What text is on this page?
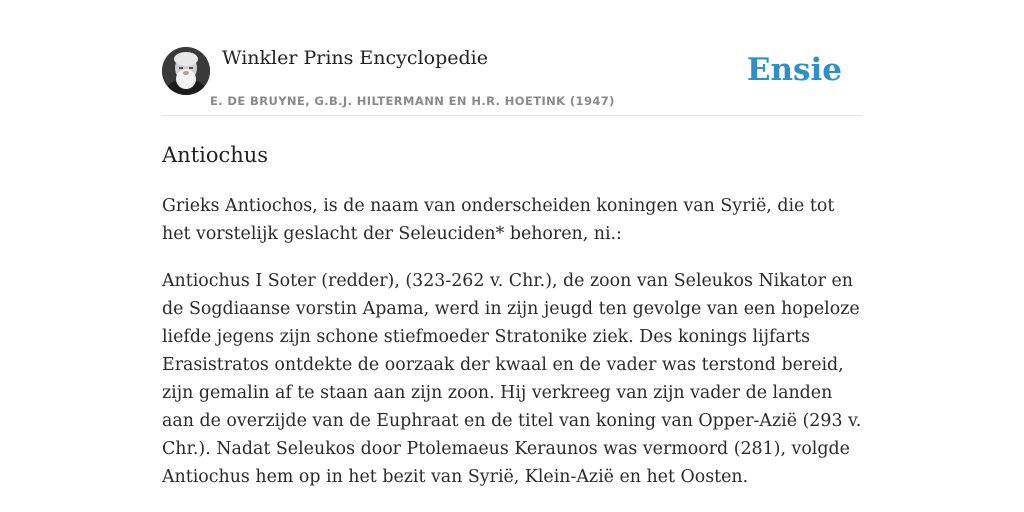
Winkler Prins Encyclopedie
E. DE BRUYNE, G.B.J. HILTERMANN EN H.R. HOETINK (1947)
Ensie
Antiochus

Grieks Antiochos, is de naam van onderscheiden koningen van Syrië, die tot het vorstelijk geslacht der Seleuciden* behoren, ni.:

Antiochus I Soter (redder), (323-262 v. Chr.), de zoon van Seleukos Nikator en de Sogdiaanse vorstin Apama, werd in zijn jeugd ten gevolge van een hopeloze liefde jegens zijn schone stiefmoeder Stratonike ziek. Des konings lijfarts Erasistratos ontdekte de oorzaak der kwaal en de vader was terstond bereid, zijn gemalin af te staan aan zijn zoon. Hij verkreeg van zijn vader de landen aan de overzijde van de Euphraat en de titel van koning van Opper-Azië (293 v. Chr.). Nadat Seleukos door Ptolemaeus Keraunos was vermoord (281), volgde Antiochus hem op in het bezit van Syrië, Klein-Azië en het Oosten.
